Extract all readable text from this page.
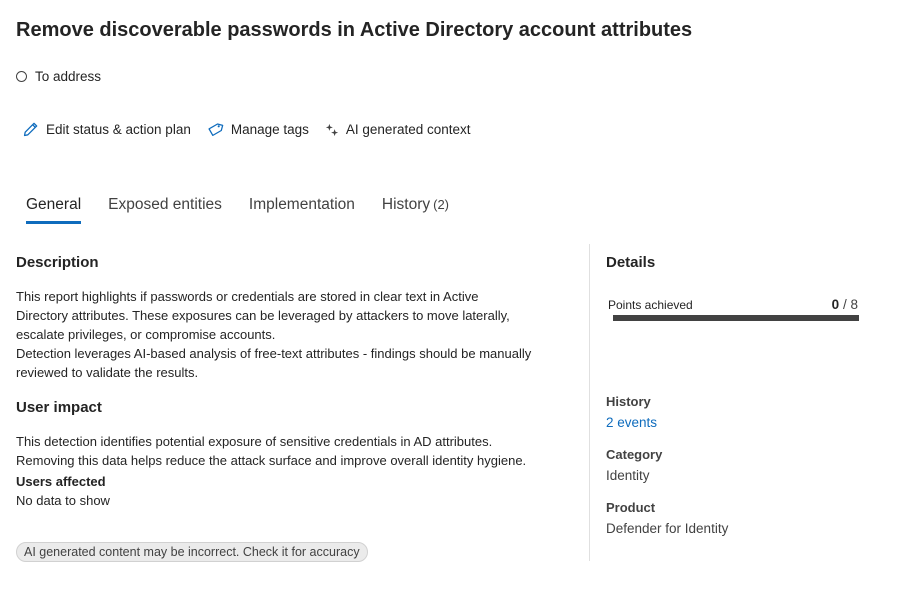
Remove discoverable passwords in Active Directory account attributes
To address
Edit status & action plan	Manage tags	AI generated context
General Exposed entities Implementation History (2)
Description
This report highlights if passwords or credentials are stored in clear text in Active
Directory attributes. These exposures can be leveraged by attackers to move laterally,
escalate privileges, or compromise accounts.
Detection leverages AI-based analysis of free-text attributes - findings should be manually
reviewed to validate the results.
User impact
This detection identifies potential exposure of sensitive credentials in AD attributes.
Removing this data helps reduce the attack surface and improve overall identity hygiene.
Users affected
No data to show
AI generated content may be incorrect. Check it for accuracy
Details
Points achieved	0 / 8
History
2 events
Category
Identity
Product
Defender for Identity
